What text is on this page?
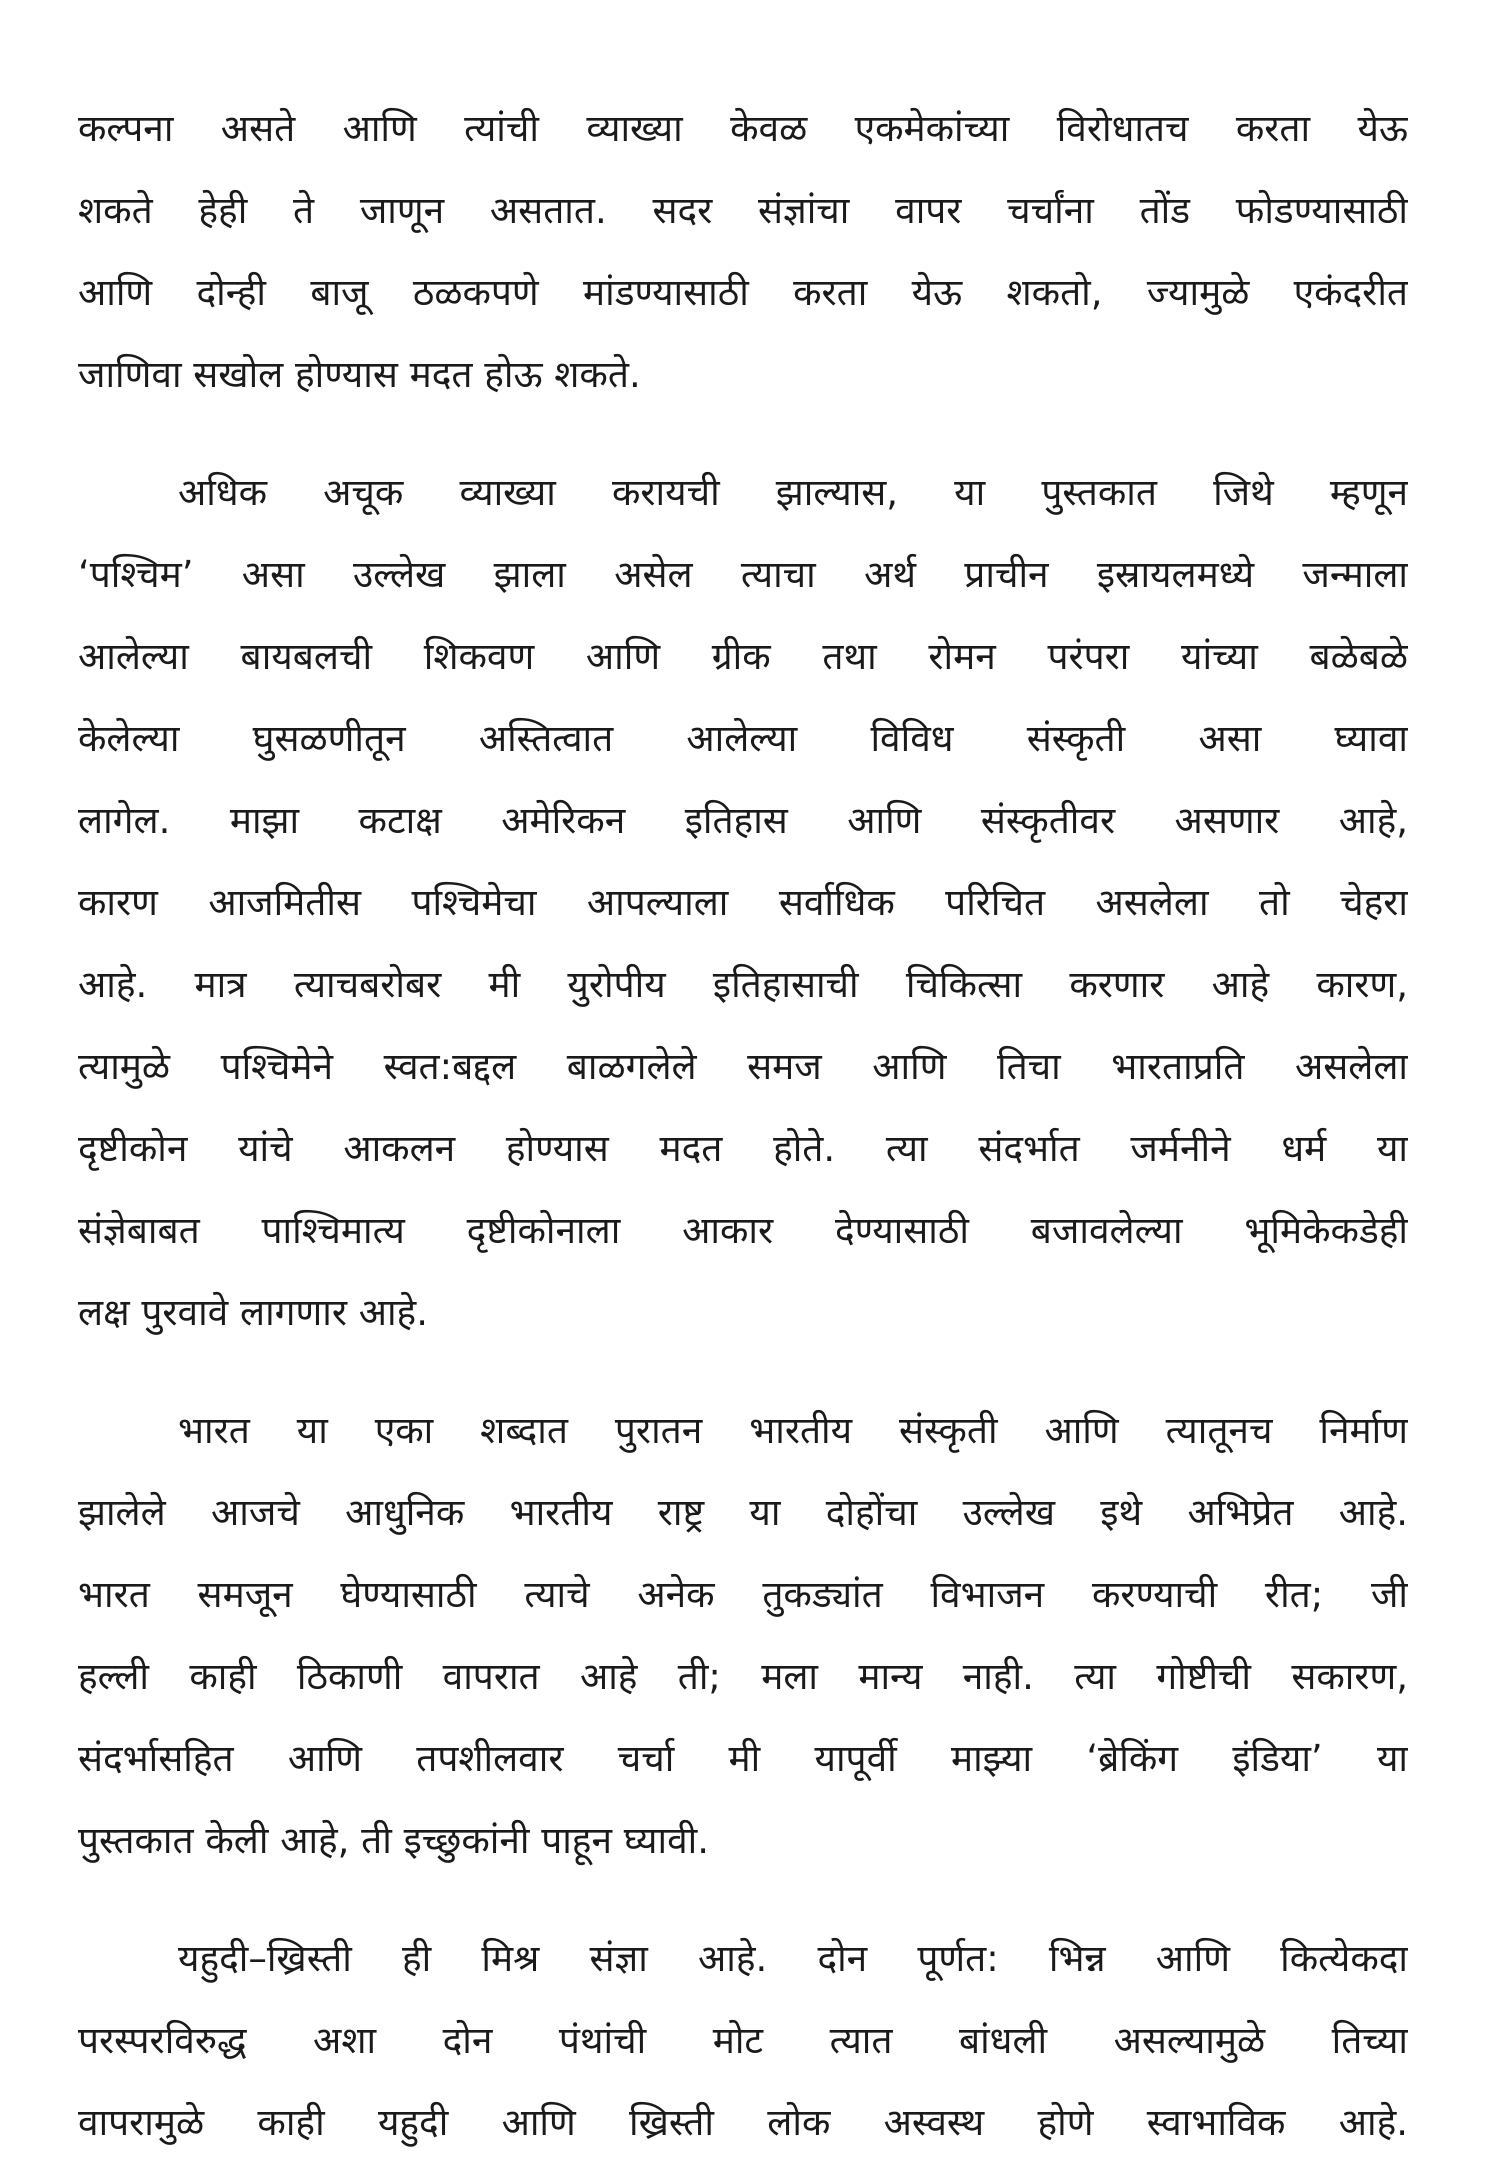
कल्पना असते आणि त्यांची व्याख्या केवळ एकमेकांच्या विरोधातच करता येऊ
शकते हेही ते जाणून असतात. सदर संज्ञांचा वापर चर्चांना तोंड फोडण्यासाठी
आणि दोन्ही बाजू ठळकपणे मांडण्यासाठी करता येऊ शकतो, ज्यामुळे एकंदरीत
जाणिवा सखोल होण्यास मदत होऊ शकते.
अधिक अचूक व्याख्या करायची झाल्यास, या पुस्तकात जिथे म्हणून
‘पश्चिम’ असा उल्लेख झाला असेल त्याचा अर्थ प्राचीन इस्रायलमध्ये जन्माला
आलेल्या बायबलची शिकवण आणि ग्रीक तथा रोमन परंपरा यांच्या बळेबळे
केलेल्या घुसळणीतून अस्तित्वात आलेल्या विविध संस्कृती असा घ्यावा
लागेल. माझा कटाक्ष अमेरिकन इतिहास आणि संस्कृतीवर असणार आहे,
कारण आजमितीस पश्चिमेचा आपल्याला सर्वाधिक परिचित असलेला तो चेहरा
आहे. मात्र त्याचबरोबर मी युरोपीय इतिहासाची चिकित्सा करणार आहे कारण,
त्यामुळे पश्चिमेने स्वत:बद्दल बाळगलेले समज आणि तिचा भारताप्रति असलेला
दृष्टीकोन यांचे आकलन होण्यास मदत होते. त्या संदर्भात जर्मनीने धर्म या
संज्ञेबाबत पाश्चिमात्य दृष्टीकोनाला आकार देण्यासाठी बजावलेल्या भूमिकेकडेही
लक्ष पुरवावे लागणार आहे.
भारत या एका शब्दात पुरातन भारतीय संस्कृती आणि त्यातूनच निर्माण
झालेले आजचे आधुनिक भारतीय राष्ट्र या दोहोंचा उल्लेख इथे अभिप्रेत आहे.
भारत समजून घेण्यासाठी त्याचे अनेक तुकड्यांत विभाजन करण्याची रीत; जी
हल्ली काही ठिकाणी वापरात आहे ती; मला मान्य नाही. त्या गोष्टीची सकारण,
संदर्भासहित आणि तपशीलवार चर्चा मी यापूर्वी माझ्या ‘ब्रेकिंग इंडिया’ या
पुस्तकात केली आहे, ती इच्छुकांनी पाहून घ्यावी.
यहुदी–ख्रिस्ती ही मिश्र संज्ञा आहे. दोन पूर्णत: भिन्न आणि कित्येकदा
परस्परविरुद्ध अशा दोन पंथांची मोट त्यात बांधली असल्यामुळे तिच्या
वापरामुळे काही यहुदी आणि ख्रिस्ती लोक अस्वस्थ होणे स्वाभाविक आहे.
